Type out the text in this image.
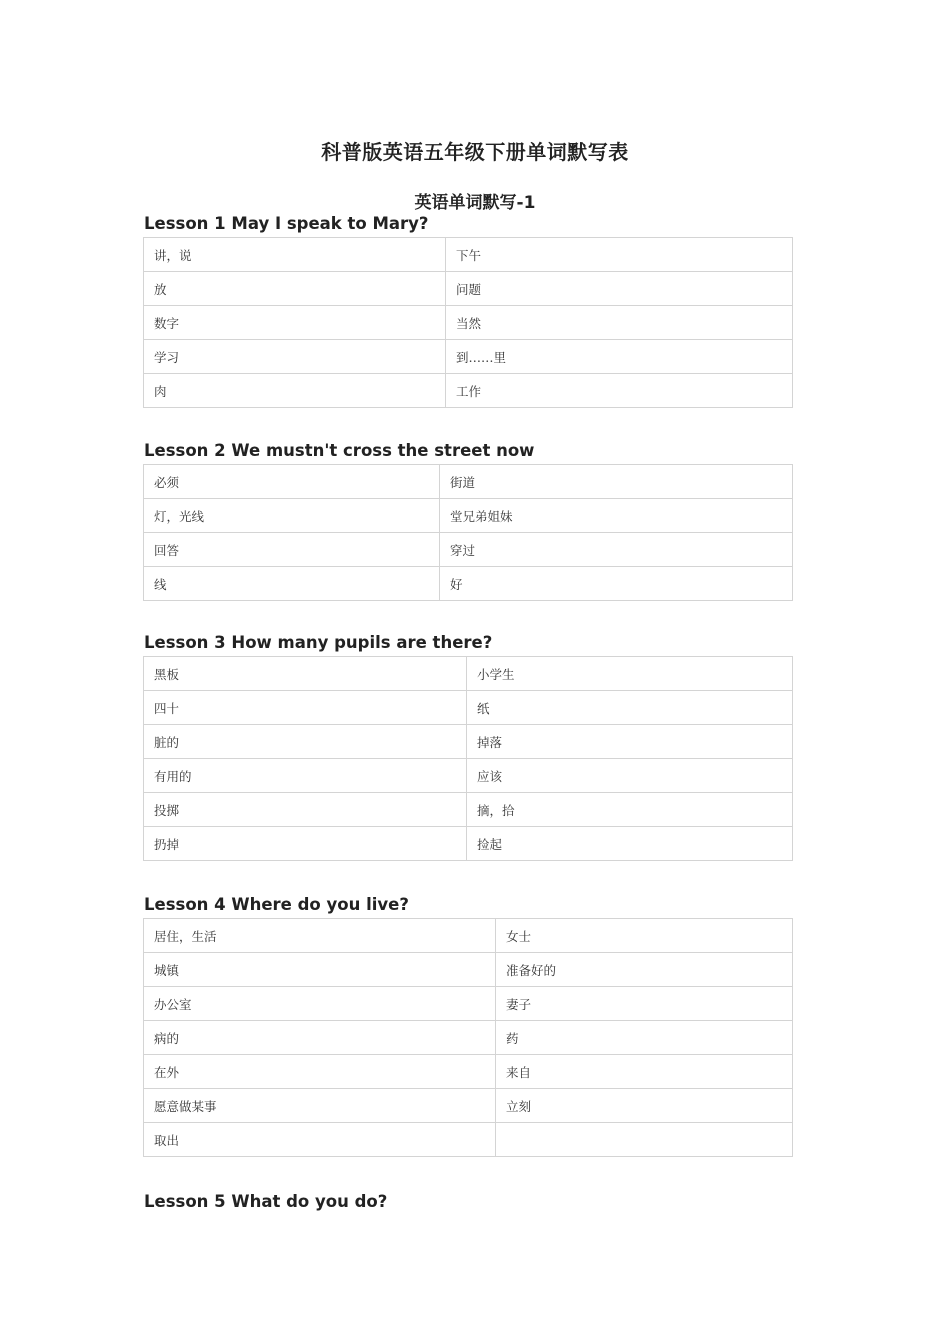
科普版英语五年级下册单词默写表
英语单词默写-1
Lesson 1 May I speak to Mary?
讲，说	下午
放	问题
数字	当然
学习	到……里
肉	工作
Lesson 2 We mustn't cross the street now
必须	街道
灯，光线	堂兄弟姐妹
回答	穿过
线	好
Lesson 3 How many pupils are there?
黑板	小学生
四十	纸
脏的	掉落
有用的	应该
投掷	摘，拾
扔掉	捡起
Lesson 4 Where do you live?
居住，生活	女士
城镇	准备好的
办公室	妻子
病的	药
在外	来自
愿意做某事	立刻
取出	
Lesson 5 What do you do?
